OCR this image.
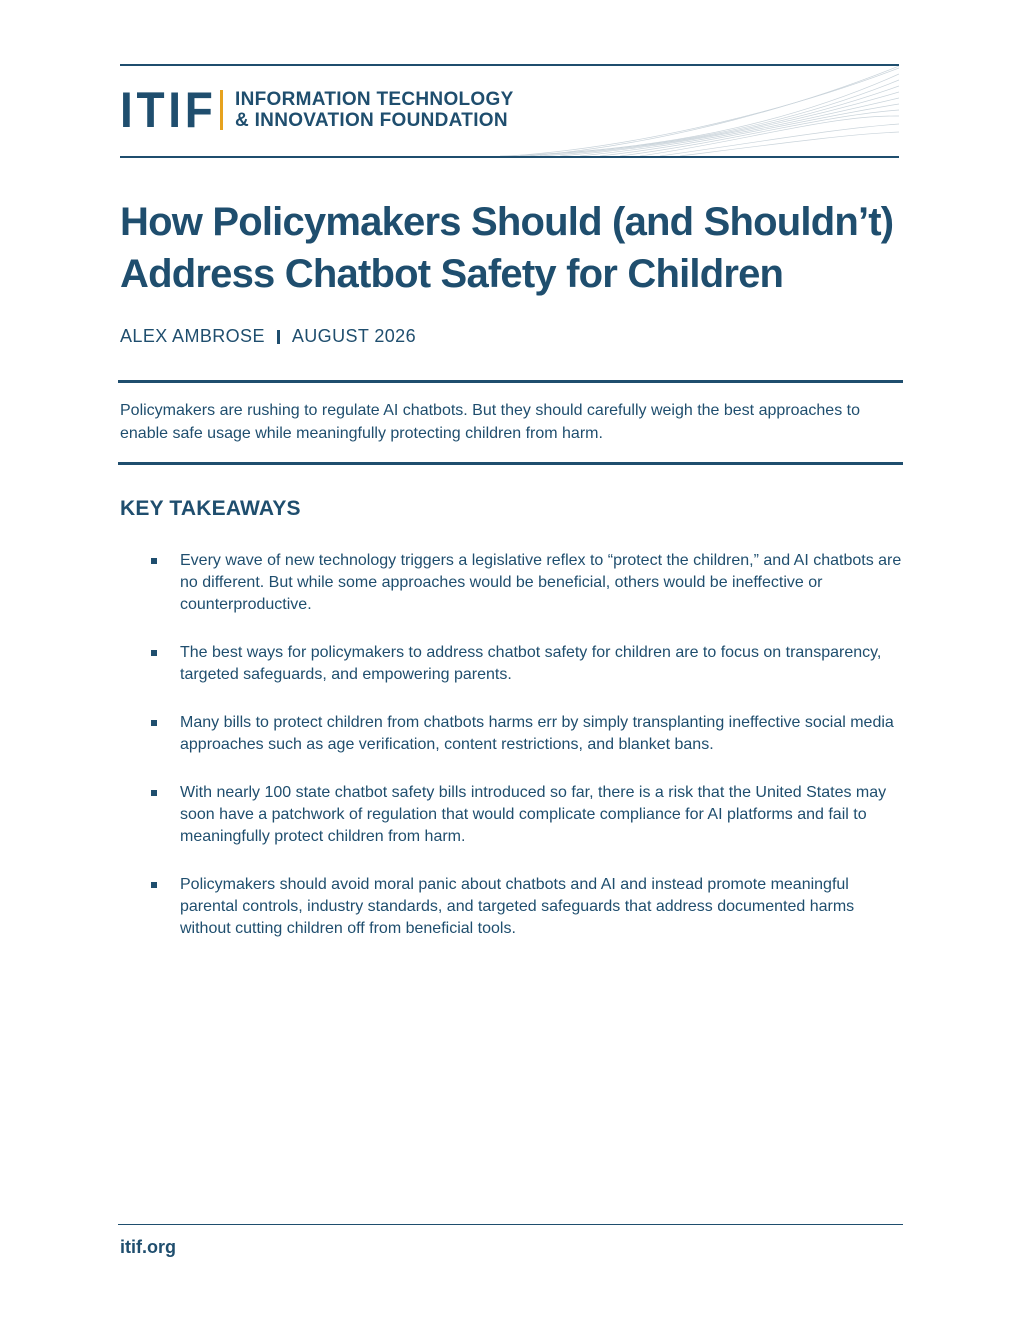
ITIF INFORMATION TECHNOLOGY
& INNOVATION FOUNDATION
How Policymakers Should (and Shouldn’t)
Address Chatbot Safety for Children
ALEX AMBROSE AUGUST 2026

Policymakers are rushing to regulate AI chatbots. But they should carefully weigh the best approaches to enable safe usage while meaningfully protecting children from harm.

KEY TAKEAWAYS
Every wave of new technology triggers a legislative reflex to “protect the children,” and AI chatbots are no different. But while some approaches would be beneficial, others would be ineffective or counterproductive.
The best ways for policymakers to address chatbot safety for children are to focus on transparency, targeted safeguards, and empowering parents.
Many bills to protect children from chatbots harms err by simply transplanting ineffective social media approaches such as age verification, content restrictions, and blanket bans.
With nearly 100 state chatbot safety bills introduced so far, there is a risk that the United States may soon have a patchwork of regulation that would complicate compliance for AI platforms and fail to meaningfully protect children from harm.
Policymakers should avoid moral panic about chatbots and AI and instead promote meaningful parental controls, industry standards, and targeted safeguards that address documented harms without cutting children off from beneficial tools.
itif.org
